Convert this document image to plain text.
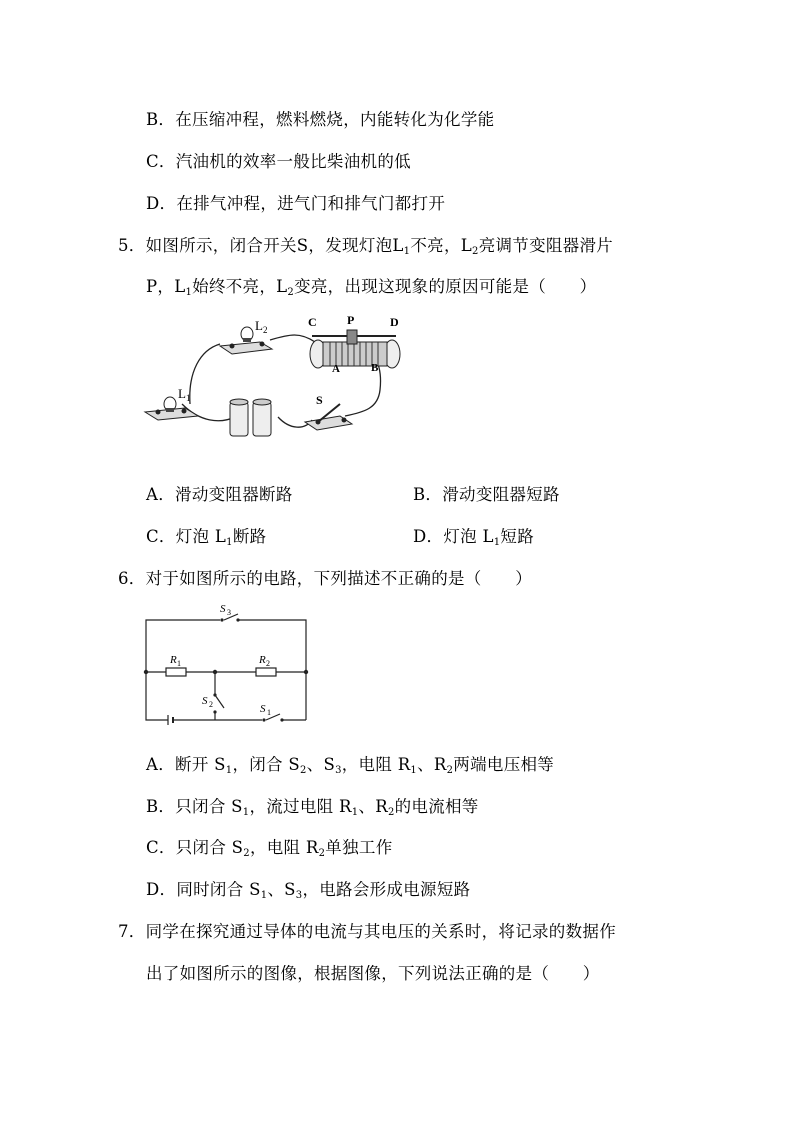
B．在压缩冲程，燃料燃烧，内能转化为化学能
C．汽油机的效率一般比柴油机的低
D．在排气冲程，进气门和排气门都打开
5．如图所示，闭合开关S，发现灯泡$L_1$不亮，$L_2$亮调节变阻器滑片
P，$L_1$始终不亮，$L_2$变亮，出现这现象的原因可能是（　　）
L 1
L 2
C	P	D
A	B
S
A．滑动变阻器断路	B．滑动变阻器短路
C．灯泡 $L_1$断路	D．灯泡 $L_1$短路
6．对于如图所示的电路，下列描述不正确的是（　　）
S 3
R 1	R 2
S 2	S 1
A．断开 $S_1$，闭合 $S_2$、$S_3$，电阻 $R_1$、$R_2$两端电压相等
B．只闭合 $S_1$，流过电阻 $R_1$、$R_2$的电流相等
C．只闭合 $S_2$，电阻 $R_2$单独工作
D．同时闭合 $S_1$、$S_3$，电路会形成电源短路
7．同学在探究通过导体的电流与其电压的关系时，将记录的数据作
出了如图所示的图像，根据图像，下列说法正确的是（　　）
